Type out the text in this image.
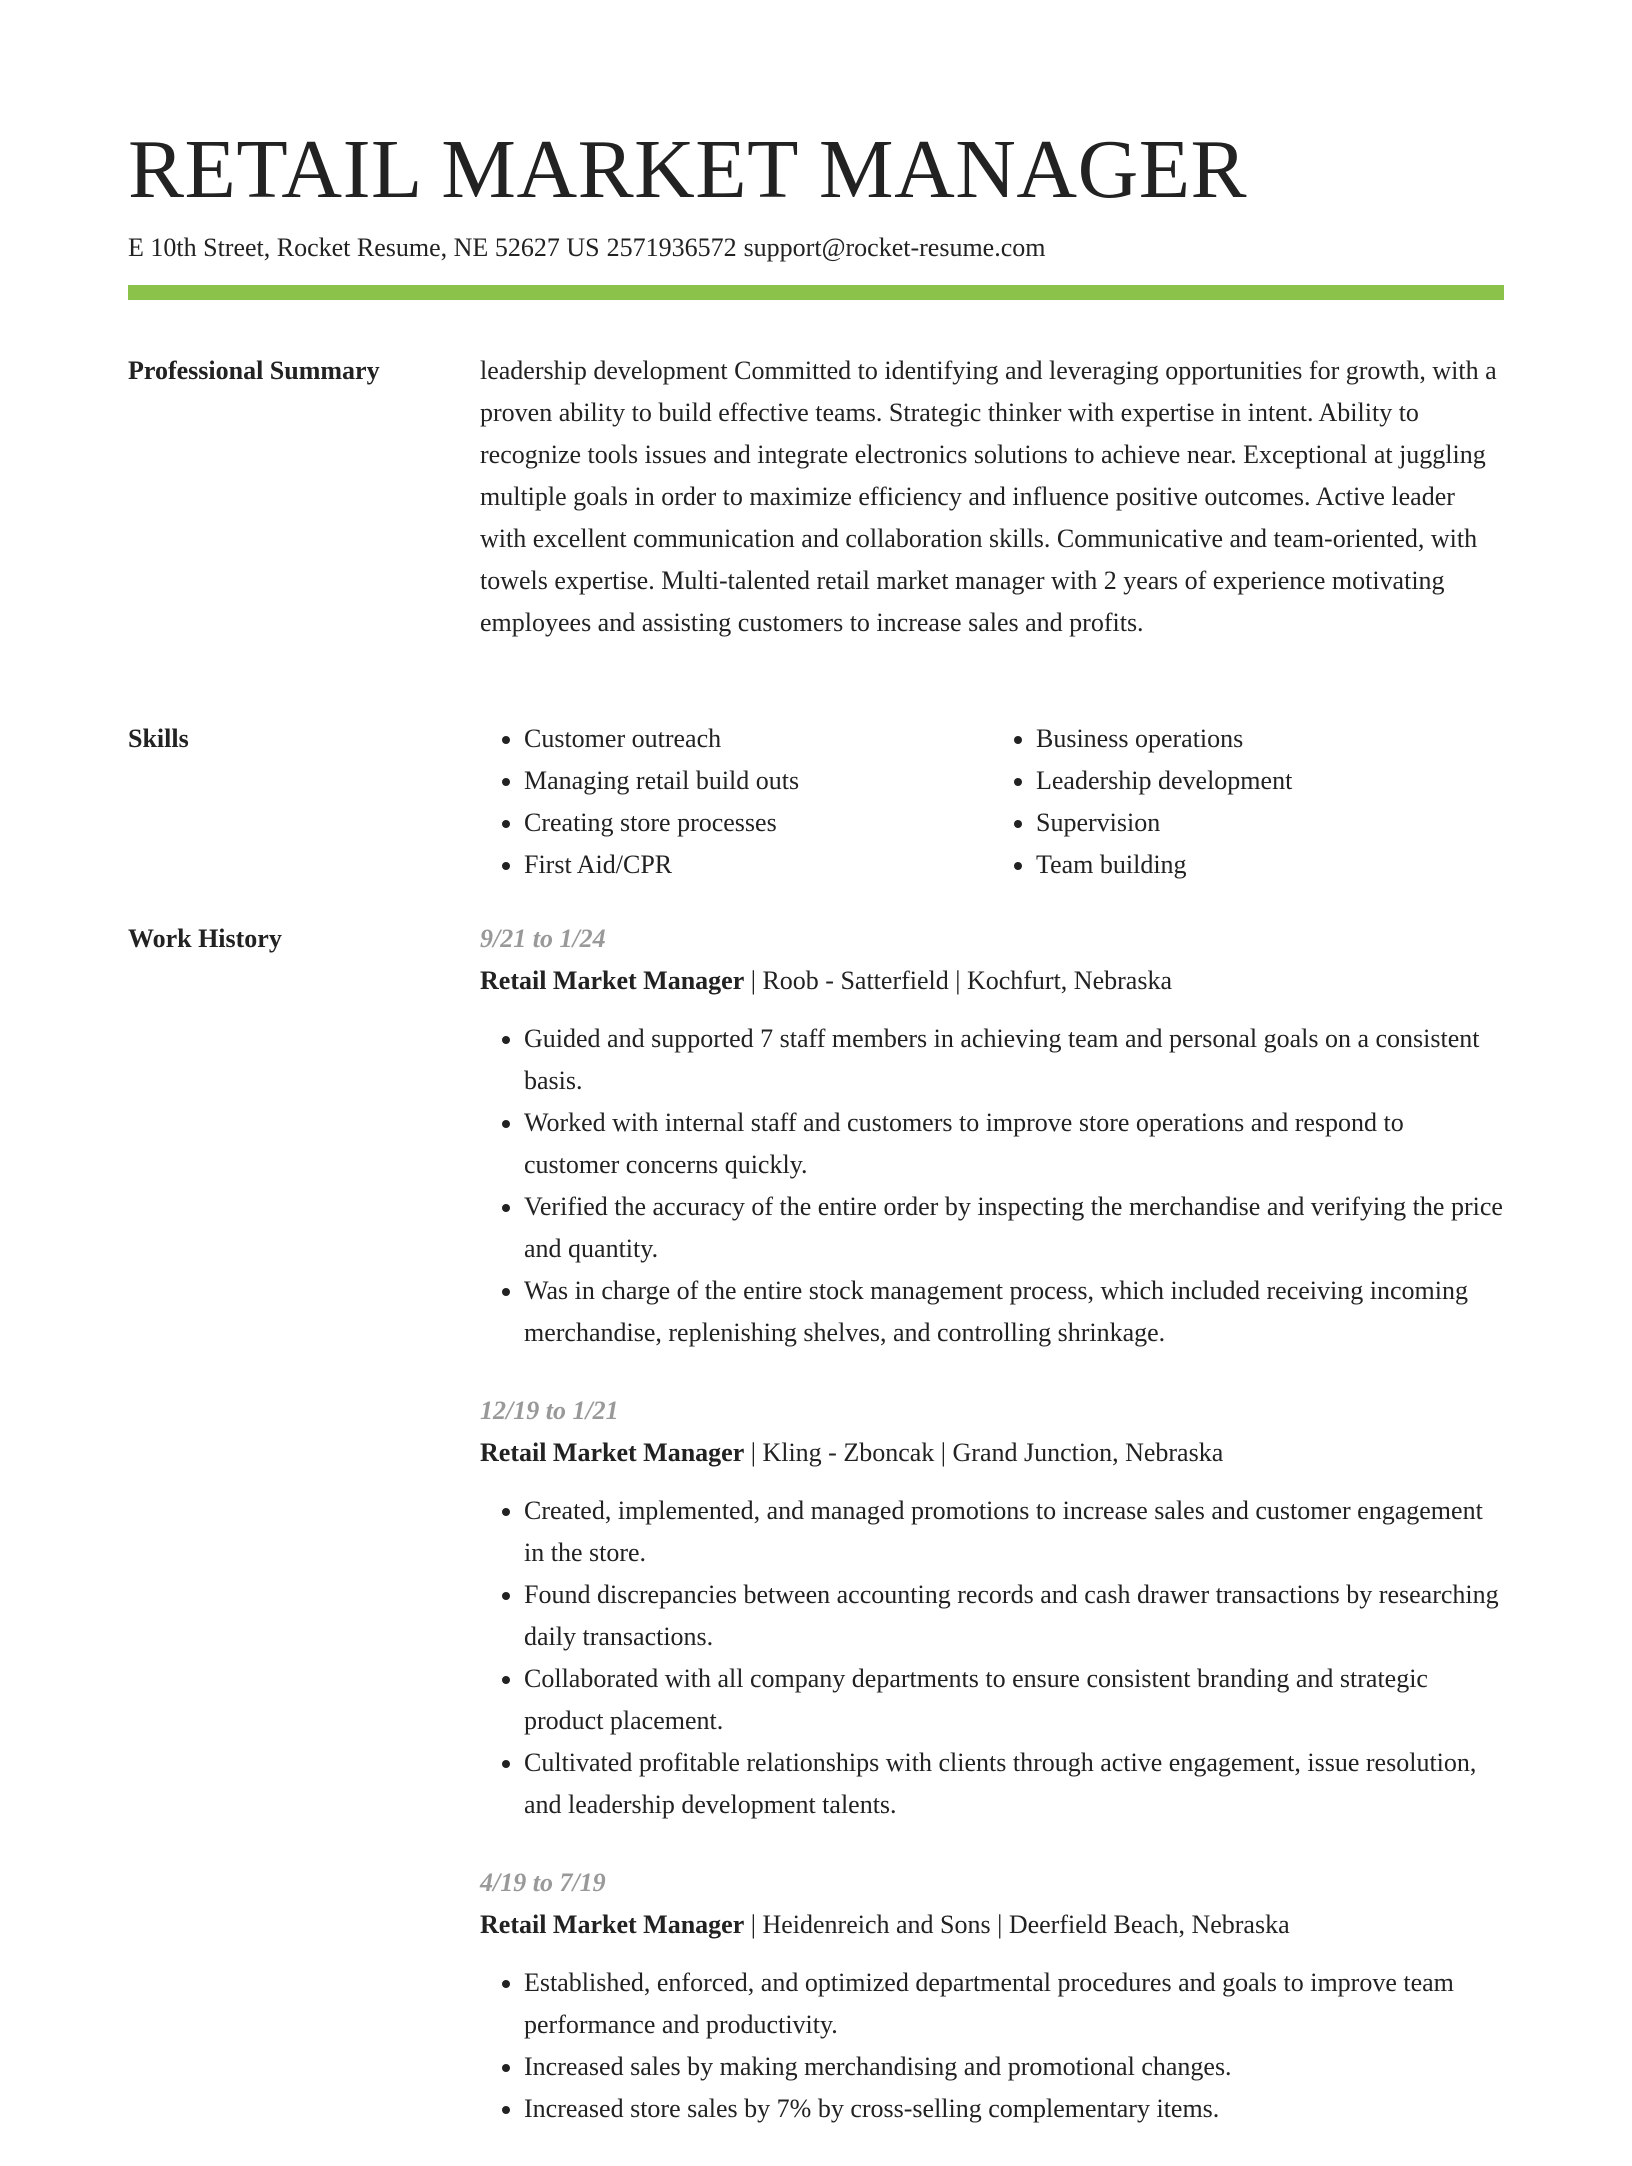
RETAIL MARKET MANAGER
E 10th Street, Rocket Resume, NE 52627 US 2571936572 support@rocket-resume.com
Professional Summary	leadership development Committed to identifying and leveraging opportunities for growth, with a proven ability to build effective teams. Strategic thinker with expertise in intent. Ability to recognize tools issues and integrate electronics solutions to achieve near. Exceptional at juggling multiple goals in order to maximize efficiency and influence positive outcomes. Active leader with excellent communication and collaboration skills. Communicative and team-oriented, with towels expertise. Multi-talented retail market manager with 2 years of experience motivating employees and assisting customers to increase sales and profits.

Skills
•	Customer outreach
• Managing retail build outs
• Creating store processes
• First Aid/CPR
• Business operations
• Leadership development
• Supervision
• Team building
Work History	9/21 to 1/24
Retail Market Manager | Roob - Satterfield | Kochfurt, Nebraska
• Guided and supported 7 staff members in achieving team and personal goals on a consistent basis.
• Worked with internal staff and customers to improve store operations and respond to customer concerns quickly.
• Verified the accuracy of the entire order by inspecting the merchandise and verifying the price and quantity.
• Was in charge of the entire stock management process, which included receiving incoming merchandise, replenishing shelves, and controlling shrinkage.
12/19 to 1/21
Retail Market Manager | Kling - Zboncak | Grand Junction, Nebraska
• Created, implemented, and managed promotions to increase sales and customer engagement in the store.
• Found discrepancies between accounting records and cash drawer transactions by researching daily transactions.
• Collaborated with all company departments to ensure consistent branding and strategic product placement.
• Cultivated profitable relationships with clients through active engagement, issue resolution, and leadership development talents.
4/19 to 7/19
Retail Market Manager | Heidenreich and Sons | Deerfield Beach, Nebraska
• Established, enforced, and optimized departmental procedures and goals to improve team performance and productivity.
• Increased sales by making merchandising and promotional changes.
• Increased store sales by 7% by cross-selling complementary items.
